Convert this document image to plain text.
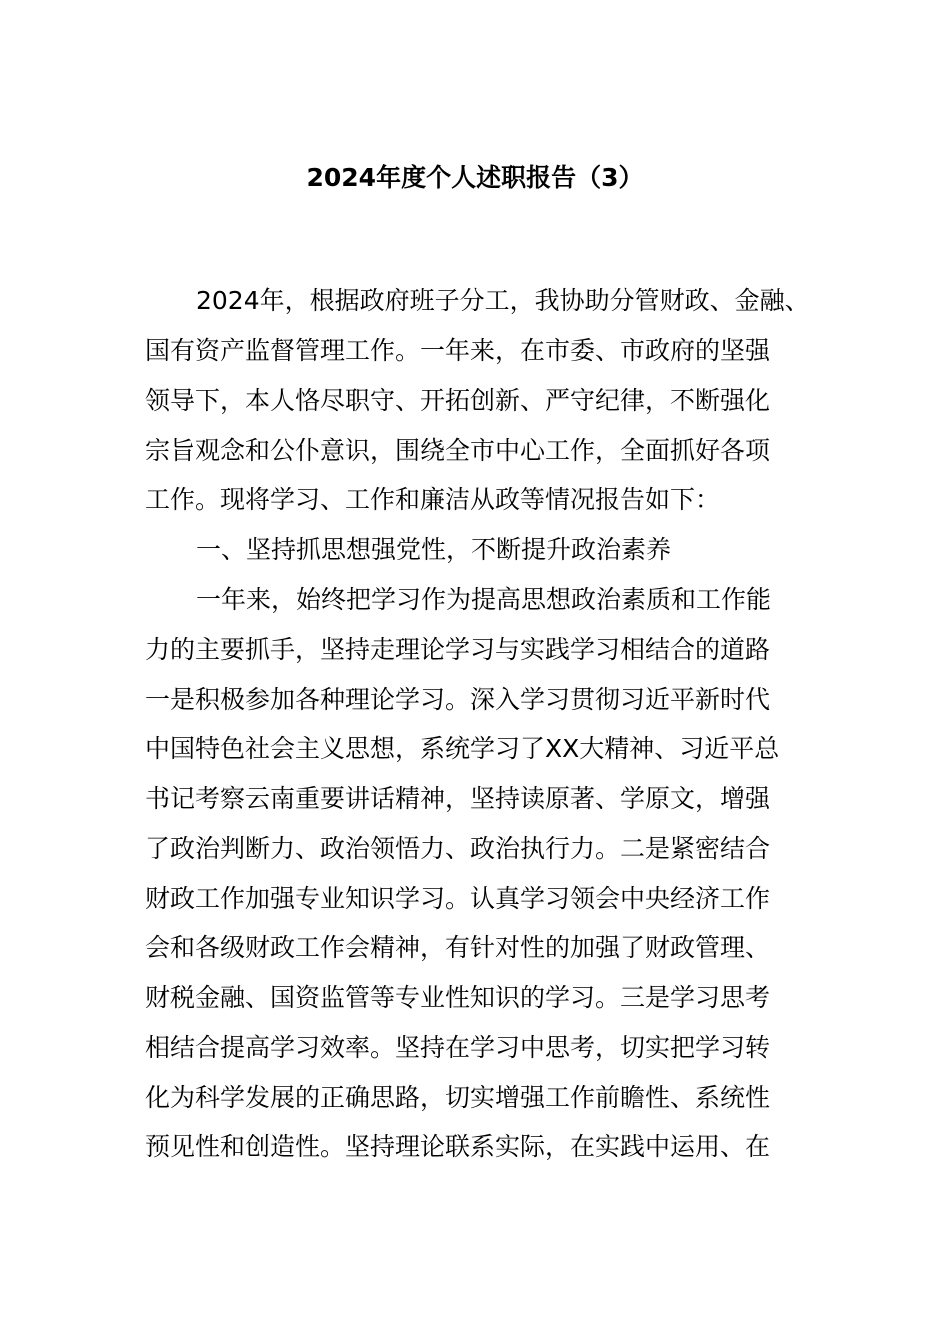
2024年度个人述职报告（3）

2024年，根据政府班子分工，我协助分管财政、金融、

国有资产监督管理工作。一年来，在市委、市政府的坚强

领导下，本人恪尽职守、开拓创新、严守纪律，不断强化

宗旨观念和公仆意识，围绕全市中心工作，全面抓好各项

工作。现将学习、工作和廉洁从政等情况报告如下：

一、坚持抓思想强党性，不断提升政治素养

一年来，始终把学习作为提高思想政治素质和工作能

力的主要抓手，坚持走理论学习与实践学习相结合的道路

一是积极参加各种理论学习。深入学习贯彻习近平新时代

中国特色社会主义思想，系统学习了XX大精神、习近平总

书记考察云南重要讲话精神，坚持读原著、学原文，增强

了政治判断力、政治领悟力、政治执行力。二是紧密结合

财政工作加强专业知识学习。认真学习领会中央经济工作

会和各级财政工作会精神，有针对性的加强了财政管理、

财税金融、国资监管等专业性知识的学习。三是学习思考

相结合提高学习效率。坚持在学习中思考，切实把学习转

化为科学发展的正确思路，切实增强工作前瞻性、系统性

预见性和创造性。坚持理论联系实际，在实践中运用、在
